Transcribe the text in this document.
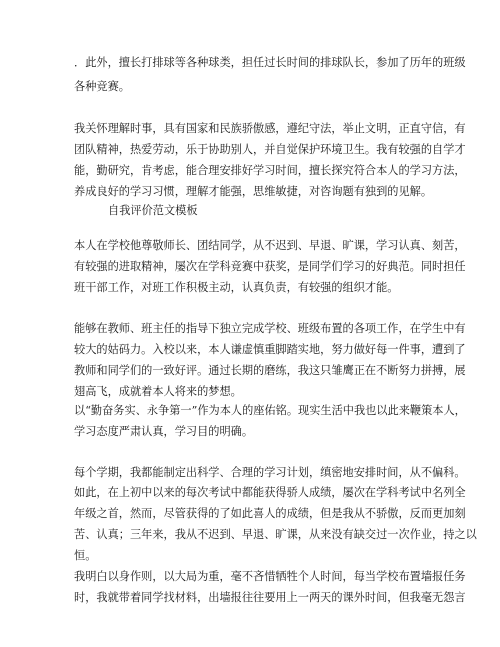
．此外，擅长打排球等各种球类，担任过长时间的排球队长，参加了历年的班级
各种竞赛。
我关怀理解时事，具有国家和民族骄傲感，遵纪守法，举止文明，正直守信，有
团队精神，热爱劳动，乐于协助别人，并自觉保护环境卫生。我有较强的自学才
能，勤研究，肯考虑，能合理安排好学习时间，擅长探究符合本人的学习方法，
养成良好的学习习惯，理解才能强，思维敏捷，对咨询题有独到的见解。
自我评价范文模板
本人在学校他尊敬师长、团结同学，从不迟到、早退、旷课，学习认真、刻苦，
有较强的进取精神，屡次在学科竞赛中获奖，是同学们学习的好典范。同时担任
班干部工作，对班工作积极主动，认真负责，有较强的组织才能。
能够在教师、班主任的指导下独立完成学校、班级布置的各项工作，在学生中有
较大的姑码力。入校以来，本人谦虚慎重脚踏实地，努力做好每一件事，遭到了
教师和同学们的一致好评。通过长期的磨练，我这只雏鹰正在不断努力拼搏，展
翅高飞，成就着本人将来的梦想。
以“勤奋务实、永争第一”作为本人的座佑铭。现实生活中我也以此来鞭策本人，
学习态度严肃认真，学习目的明确。
每个学期，我都能制定出科学、合理的学习计划，缜密地安排时间，从不偏科。
如此，在上初中以来的每次考试中都能获得骄人成绩，屡次在学科考试中名列全
年级之首，然而，尽管获得的了如此喜人的成绩，但是我从不骄傲，反而更加刻
苦、认真；三年来，我从不迟到、早退、旷课，从来没有缺交过一次作业，持之以
恒。
我明白以身作则，以大局为重，毫不吝惜牺牲个人时间，每当学校布置墙报任务
时，我就带着同学找材料，出墙报往往要用上一两天的课外时间，但我毫无怨言
